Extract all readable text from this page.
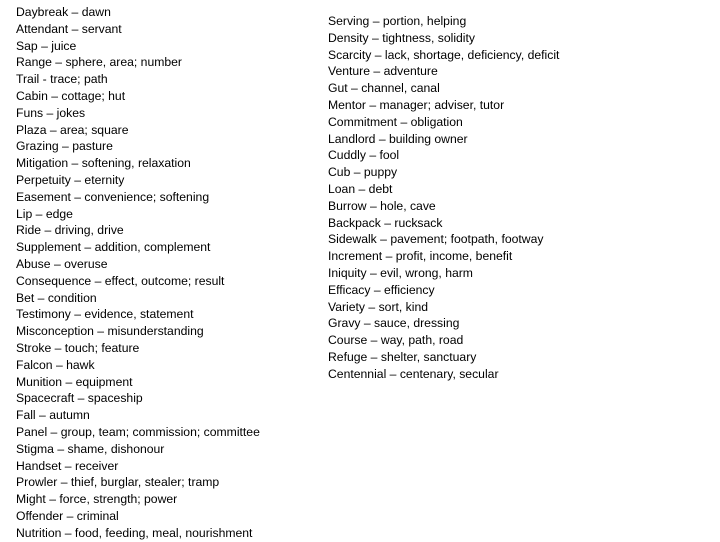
Daybreak – dawn
Attendant – servant
Sap – juice
Range – sphere, area; number
Trail - trace; path
Cabin – cottage; hut
Funs – jokes
Plaza – area; square
Grazing – pasture
Mitigation – softening, relaxation
Perpetuity – eternity
Easement – convenience; softening
Lip – edge
Ride – driving, drive
Supplement – addition, complement
Abuse – overuse
Consequence – effect, outcome; result
Bet – condition
Testimony – evidence, statement
Misconception – misunderstanding
Stroke – touch; feature
Falcon – hawk
Munition – equipment
Spacecraft – spaceship
Fall – autumn
Panel – group, team; commission; committee
Stigma – shame, dishonour
Handset – receiver
Prowler – thief, burglar, stealer; tramp
Might – force, strength; power
Offender – criminal
Nutrition – food, feeding, meal, nourishment
Serving – portion, helping
Density – tightness, solidity
Scarcity – lack, shortage, deficiency, deficit
Venture – adventure
Gut – channel, canal
Mentor – manager; adviser, tutor
Commitment – obligation
Landlord – building owner
Cuddly – fool
Cub – puppy
Loan – debt
Burrow – hole, cave
Backpack – rucksack
Sidewalk – pavement; footpath, footway
Increment – profit, income, benefit
Iniquity – evil, wrong, harm
Efficacy – efficiency
Variety – sort, kind
Gravy – sauce, dressing
Course – way, path, road
Refuge – shelter, sanctuary
Centennial – centenary, secular
